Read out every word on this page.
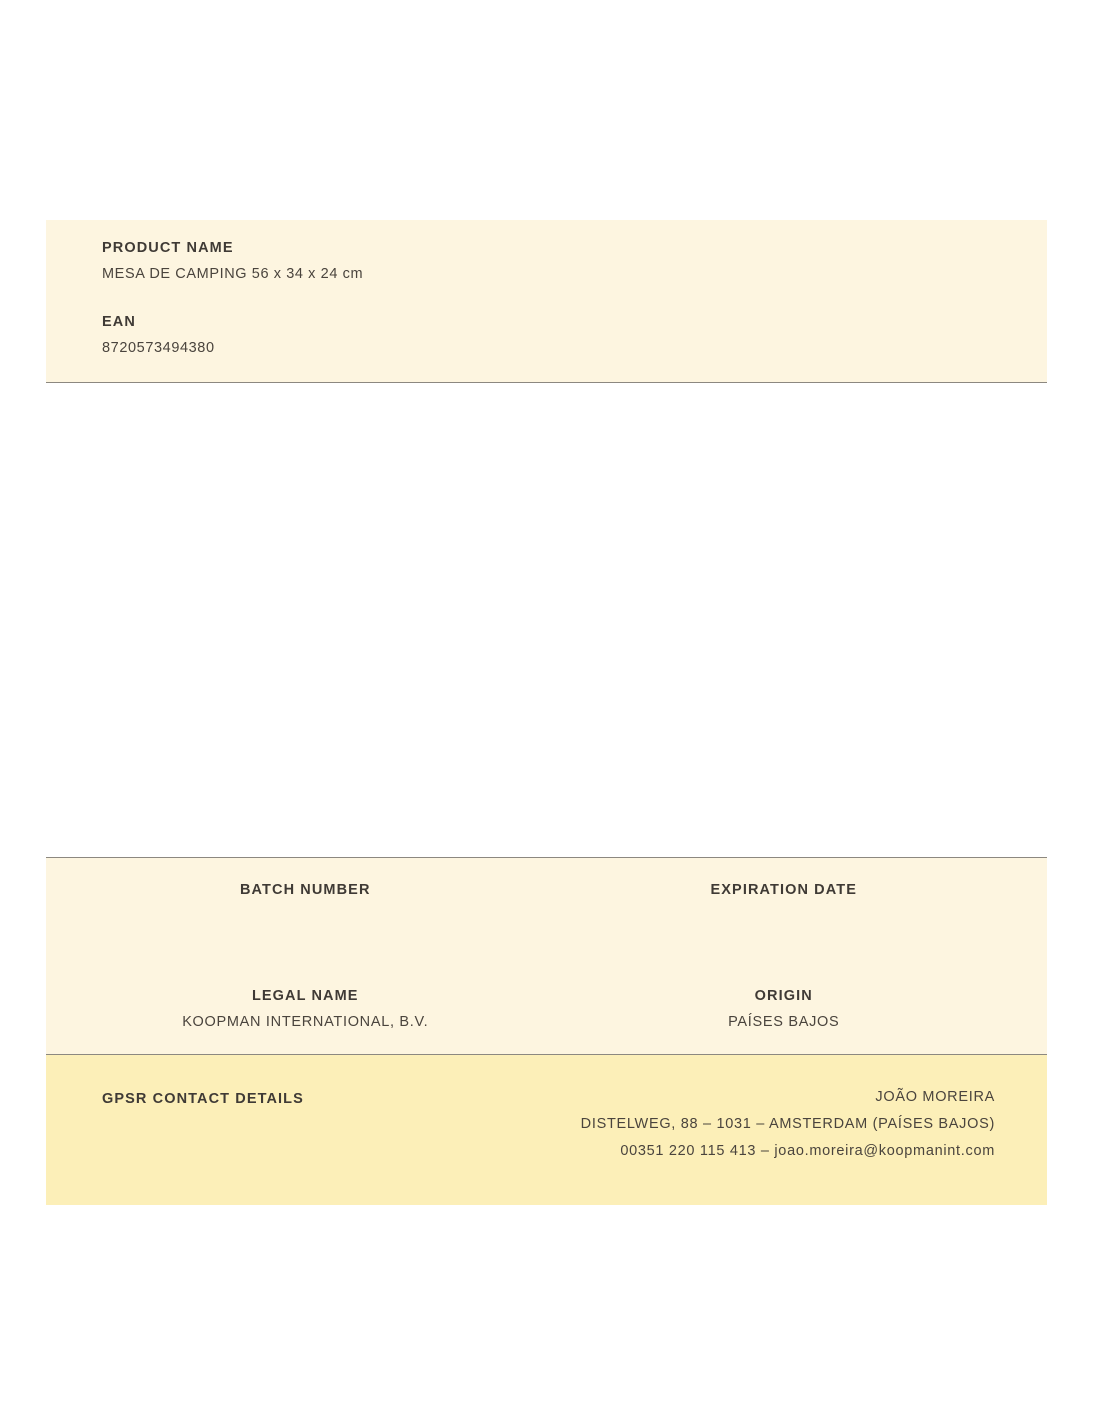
PRODUCT NAME

MESA DE CAMPING 56 x 34 x 24 cm

EAN

8720573494380

BATCH NUMBER	EXPIRATION DATE

LEGAL NAME

KOOPMAN INTERNATIONAL, B.V.

ORIGIN

PAÍSES BAJOS

GPSR CONTACT DETAILS	JOÃO MOREIRA

DISTELWEG, 88 – 1031 – AMSTERDAM (PAÍSES BAJOS)

00351 220 115 413 – joao.moreira@koopmanint.com
